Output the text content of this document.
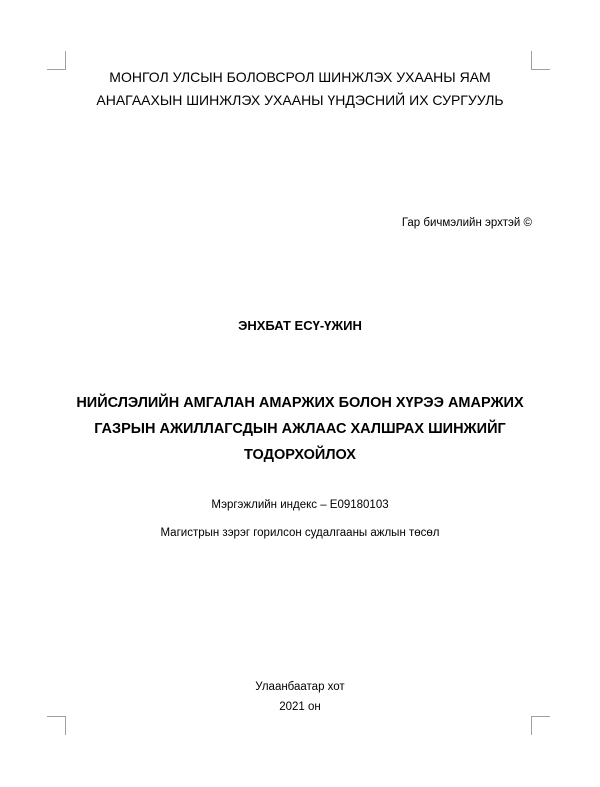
МОНГОЛ УЛСЫН БОЛОВСРОЛ ШИНЖЛЭХ УХААНЫ ЯАМ
АНАГААХЫН ШИНЖЛЭХ УХААНЫ ҮНДЭСНИЙ ИХ СУРГУУЛЬ
Гар бичмэлийн эрхтэй ©
ЭНХБАТ ЕСҮ-ҮЖИН
НИЙСЛЭЛИЙН АМГАЛАН АМАРЖИХ БОЛОН ХҮРЭЭ АМАРЖИХ
ГАЗРЫН АЖИЛЛАГСДЫН АЖЛААС ХАЛШРАХ ШИНЖИЙГ
ТОДОРХОЙЛОХ
Мэргэжлийн индекс – E09180103
Магистрын зэрэг горилсон судалгааны ажлын төсөл
Улаанбаатар хот
2021 он
